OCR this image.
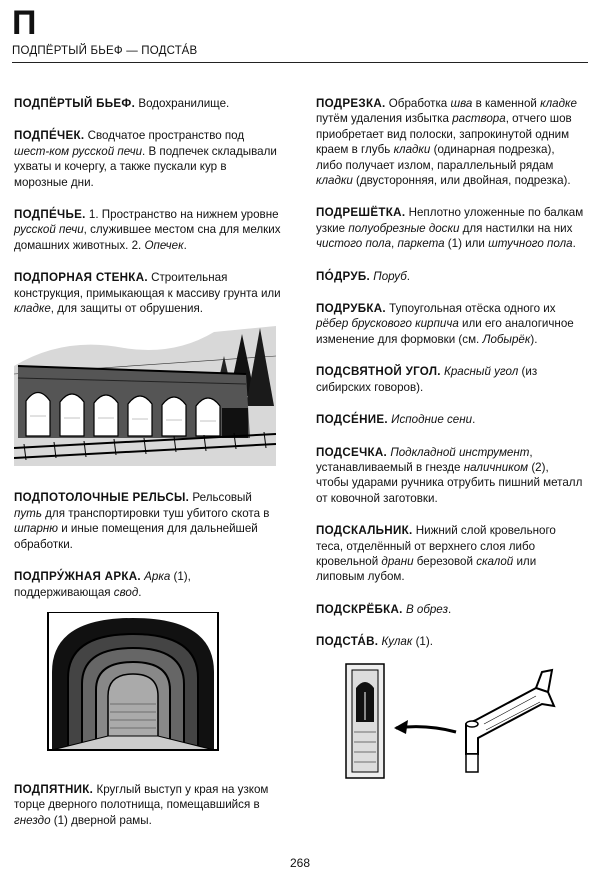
П
ПОДПЁРТЫЙ БЬЕФ — ПОДСТА́В
ПОДПЁРТЫЙ БЬЕФ. Водохранилище.
ПОДПЕ́ЧЕК. Сводчатое пространство под шест-ком русской печи. В подпечек складывали ухваты и кочергу, а также пускали кур в морозные дни.
ПОДПЕ́ЧЬЕ. 1. Пространство на нижнем уровне русской печи, служившее местом сна для мелких домашних животных. 2. Опечек.
ПОДПОРНАЯ СТЕНКА. Строительная конструкция, примыкающая к массиву грунта или кладке, для защиты от обрушения.
ПОДПОТОЛОЧНЫЕ РЕЛЬСЫ. Рельсовый путь для транспортировки туш убитого скота в шпарню и иные помещения для дальнейшей обработки.
ПОДПРУ́ЖНАЯ АРКА. Арка (1), поддерживающая свод.
ПОДПЯТНИК. Круглый выступ у края на узком торце дверного полотнища, помещавшийся в гнездо (1) дверной рамы.
ПОДРЕЗКА. Обработка шва в каменной кладке путём удаления избытка раствора, отчего шов приобретает вид полоски, запрокинутой одним краем в глубь кладки (одинарная подрезка), либо получает излом, параллельный рядам кладки (двусторонняя, или двойная, подрезка).
ПОДРЕШЁТКА. Неплотно уложенные по балкам узкие полуобрезные доски для настилки на них чистого пола, паркета (1) или штучного пола.
ПО́ДРУБ. Поруб.
ПОДРУБКА. Тупоугольная отёска одного их рёбер брускового кирпича или его аналогичное изменение для формовки (см. Лобырёк).
ПОДСВЯТНОЙ УГОЛ. Красный угол (из сибирских говоров).
ПОДСЕ́НИЕ. Исподние сени.
ПОДСЕЧКА. Подкладной инструмент, устанавливаемый в гнезде наличником (2), чтобы ударами ручника отрубить пишний металл от ковочной заготовки.
ПОДСКАЛЬНИК. Нижний слой кровельного теса, отделённый от верхнего слоя либо кровельной драни березовой скалой или липовым лубом.
ПОДСКРЁБКА. В обрез.
ПОДСТА́В. Кулак (1).
268
